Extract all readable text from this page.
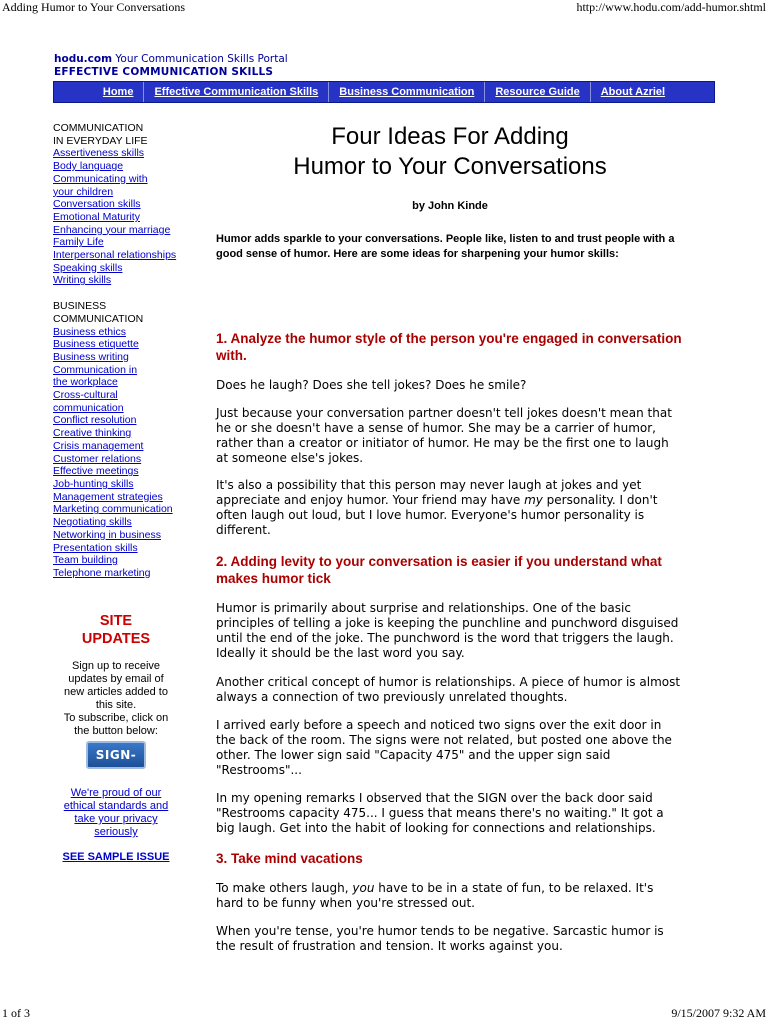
Adding Humor to Your Conversations	http://www.hodu.com/add-humor.shtml
hodu.com Your Communication Skills Portal
EFFECTIVE COMMUNICATION SKILLS
Home	Effective Communication Skills	Business Communication	Resource Guide	About Azriel
COMMUNICATION
IN EVERYDAY LIFE
Assertiveness skills
Body language
Communicating with
your children
Conversation skills
Emotional Maturity
Enhancing your marriage
Family Life
Interpersonal relationships
Speaking skills
Writing skills
BUSINESS
COMMUNICATION
Business ethics
Business etiquette
Business writing
Communication in
the workplace
Cross-cultural
communication
Conflict resolution
Creative thinking
Crisis management
Customer relations
Effective meetings
Job-hunting skills
Management strategies
Marketing communication
Negotiating skills
Networking in business
Presentation skills
Team building
Telephone marketing
SITE
UPDATES
Sign up to receive
updates by email of
new articles added to
this site.
To subscribe, click on
the button below:
SIGN-UP
We're proud of our
ethical standards and
take your privacy
seriously
SEE SAMPLE ISSUE
Four Ideas For Adding
Humor to Your Conversations
by John Kinde
Humor adds sparkle to your conversations. People like, listen to and trust people with a good sense of humor. Here are some ideas for sharpening your humor skills:
1. Analyze the humor style of the person you're engaged in conversation with.
Does he laugh? Does she tell jokes? Does he smile?
Just because your conversation partner doesn't tell jokes doesn't mean that he or she doesn't have a sense of humor. She may be a carrier of humor, rather than a creator or initiator of humor. He may be the first one to laugh at someone else's jokes.
It's also a possibility that this person may never laugh at jokes and yet appreciate and enjoy humor. Your friend may have my personality. I don't often laugh out loud, but I love humor. Everyone's humor personality is different.
2. Adding levity to your conversation is easier if you understand what makes humor tick
Humor is primarily about surprise and relationships. One of the basic principles of telling a joke is keeping the punchline and punchword disguised until the end of the joke. The punchword is the word that triggers the laugh. Ideally it should be the last word you say.
Another critical concept of humor is relationships. A piece of humor is almost always a connection of two previously unrelated thoughts.
I arrived early before a speech and noticed two signs over the exit door in the back of the room. The signs were not related, but posted one above the other. The lower sign said "Capacity 475" and the upper sign said "Restrooms"...
In my opening remarks I observed that the SIGN over the back door said "Restrooms capacity 475... I guess that means there's no waiting." It got a big laugh. Get into the habit of looking for connections and relationships.
3. Take mind vacations
To make others laugh, you have to be in a state of fun, to be relaxed. It's hard to be funny when you're stressed out.
When you're tense, you're humor tends to be negative. Sarcastic humor is the result of frustration and tension. It works against you.
1 of 3	9/15/2007 9:32 AM
